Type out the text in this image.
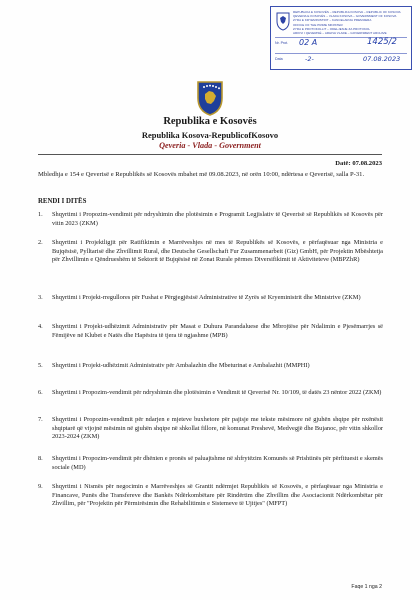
REPUBLIKA E KOSOVËS – REPUBLIKA KOSOVA – REPUBLIC OF KOSOVA
QEVERIA E KOSOVËS – VLADA KOSOVA – GOVERNMENT OF KOSOVA
ZYRA E KRYEMINISTRIT – KANCELARIJA PREMIJERA
OFFICE OF THE PRIME MINISTER
ZYRA E PROTOKOLLIT – ODELJENJE ZA PROTOKOL
ARKIVI I QEVERISË – ARHIVA VLADE – GOVERNMENT ARCHIVE
Nr. Prot. 02 A	1425/2
Data	-2-	07.08.2023
Republika e Kosovës
Republika Kosova-RepublicofKosovo
Qeveria - Vlada - Government
Datë: 07.08.2023
Mbledhja e 154 e Qeverisë e Republikës së Kosovës mbahet më 09.08.2023, në orën 10:00, ndërtesa e Qeverisë, salla P-31.
RENDI I DITËS
1.	Shqyrtimi i Propozim-vendimit për ndryshimin dhe plotësimin e Programit Legjislativ të Qeverisë së Republikës së Kosovës për vitin 2023 (ZKM)
2.	Shqyrtimi i Projektligjit për Ratifikimin e Marrëveshjes në mes të Republikës së Kosovës, e përfaqësuar nga Ministria e Bujqësisë, Pylltarisë dhe Zhvillimit Rural, dhe Deutsche Gesellschaft Fur Zusammenarbeit (Giz) GmbH, për Projektin Mbështetja për Zhvillimin e Qëndrueshëm të Sektorit të Bujqësisë në Zonat Rurale përmes Diversifikimit të Aktiviteteve (MBPZhR)
3.	Shqyrtimi i Projekt-rregullores për Fushat e Përgjegjësisë Administrative të Zyrës së Kryeministrit dhe Ministrive (ZKM)
4.	Shqyrtimi i Projekt-udhëzimit Administrativ për Masat e Duhura Parandaluese dhe Mbrojtëse për Ndalimin e Pjesëmarrjes së Fëmijëve në Klubet e Natës dhe Hapësira të tjera të ngjashme (MPB)
5.	Shqyrtimi i Projekt-udhëzimit Administrativ për Ambalazhin dhe Mbeturinat e Ambalazhit (MMPHI)
6.	Shqyrtimi i Propozim-vendimit për ndryshimin dhe plotësimin e Vendimit të Qeverisë Nr. 10/109, të datës 23 nëntor 2022 (ZKM)
7.	Shqyrtimi i Propozim-vendimit për ndarjen e mjeteve buxhetore për pajisje me tekste mësimore në gjuhën shqipe për nxënësit shqiptarë që vijojnë mësimin në gjuhën shqipe në shkollat fillore, në komunat Preshevë, Medvegjë dhe Bujanoc, për vitin shkollor 2023-2024 (ZKM)
8.	Shqyrtimi i Propozim-vendimit për dhënien e pronës së paluajtshme në shfrytëzim Komunës së Prishtinës për përfituesit e skemës sociale (MD)
9.	Shqyrtimi i Nismës për negocimin e Marrëveshjes së Grantit ndërmjet Republikës së Kosovës, e përfaqësuar nga Ministria e Financave, Punës dhe Transfereve dhe Bankës Ndërkombëtare për Rindërtim dhe Zhvillim dhe Asociacionit Ndërkombëtar për Zhvillim, për "Projektin për Përmirësimin dhe Rehabilitimin e Sistemeve të Ujitjes" (MFPT)
Faqe 1 nga 2
